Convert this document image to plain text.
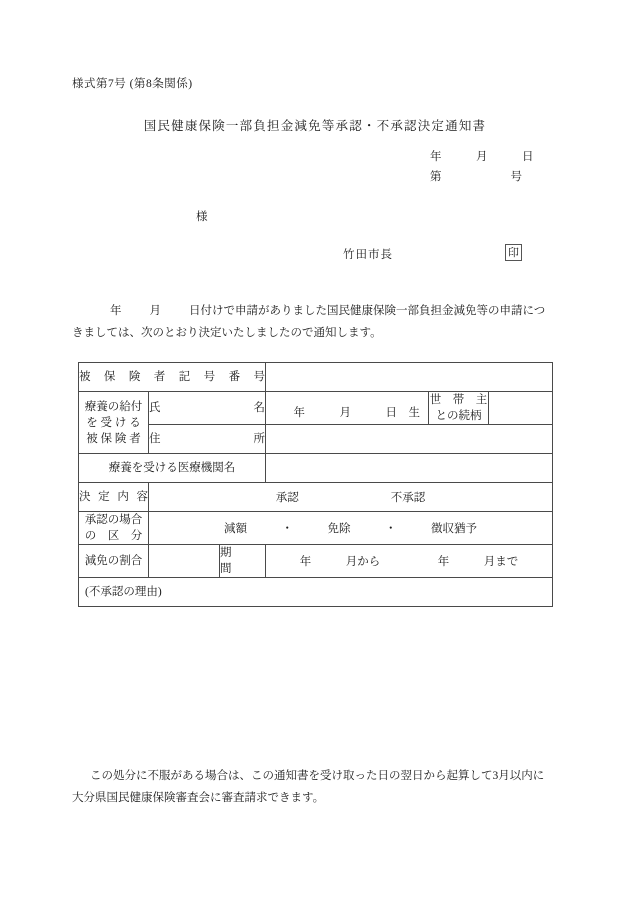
様式第7号 (第8条関係)
国民健康保険一部負担金減免等承認・不承認決定通知書
年　　　月　　　日
第　　　　　　号
様
竹田市長	印
年 月 日付けで申請がありました国民健康保険一部負担金減免等の申請につ
きましては、次のとおり決定いたしましたので通知します。
被保険者記号番号					
療養の給付
を 受 け る
被 保 険 者	氏　　　名		年　　　月　　　日　生	世　帯　主
との続柄	
	住　　　所				
療養を受ける医療機関名					
決 定 内 容	承認　　　　　　　　不承認				
承認の場合
の　区　分	減額　　　・　　　免除　　　・　　　徴収猶予				
減免の割合		期　　間	年　　　月から　　　　　年　　　月まで		

(不承認の理由)					
この処分に不服がある場合は、この通知書を受け取った日の翌日から起算して3月以内に
大分県国民健康保険審査会に審査請求できます。
